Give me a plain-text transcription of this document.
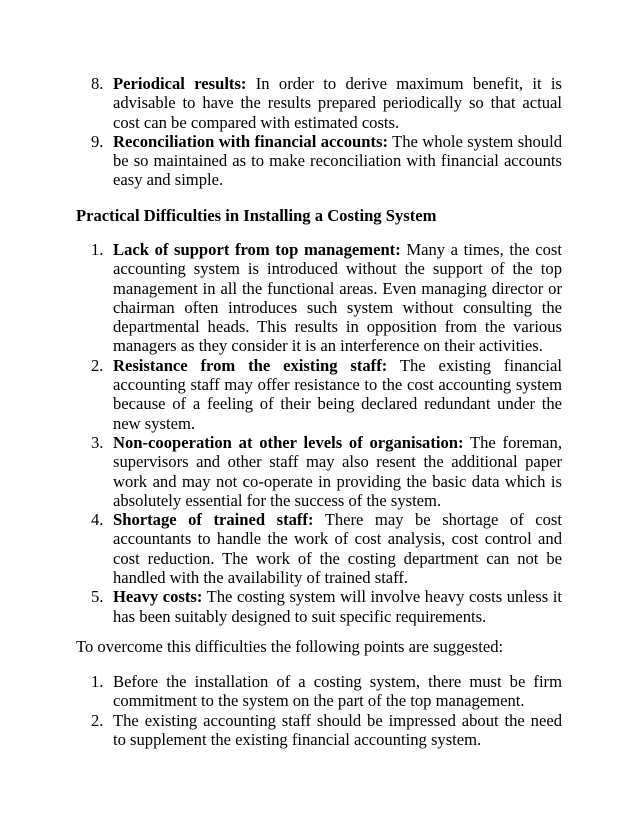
8. Periodical results: In order to derive maximum benefit, it is advisable to have the results prepared periodically so that actual cost can be compared with estimated costs.
9. Reconciliation with financial accounts: The whole system should be so maintained as to make reconciliation with financial accounts easy and simple.
Practical Difficulties in Installing a Costing System
1. Lack of support from top management: Many a times, the cost accounting system is introduced without the support of the top management in all the functional areas. Even managing director or chairman often introduces such system without consulting the departmental heads. This results in opposition from the various managers as they consider it is an interference on their activities.
2. Resistance from the existing staff: The existing financial accounting staff may offer resistance to the cost accounting system because of a feeling of their being declared redundant under the new system.
3. Non-cooperation at other levels of organisation: The foreman, supervisors and other staff may also resent the additional paper work and may not co-operate in providing the basic data which is absolutely essential for the success of the system.
4. Shortage of trained staff: There may be shortage of cost accountants to handle the work of cost analysis, cost control and cost reduction. The work of the costing department can not be handled with the availability of trained staff.
5. Heavy costs: The costing system will involve heavy costs unless it has been suitably designed to suit specific requirements.

To overcome this difficulties the following points are suggested:

1. Before the installation of a costing system, there must be firm commitment to the system on the part of the top management.
2. The existing accounting staff should be impressed about the need to supplement the existing financial accounting system.
